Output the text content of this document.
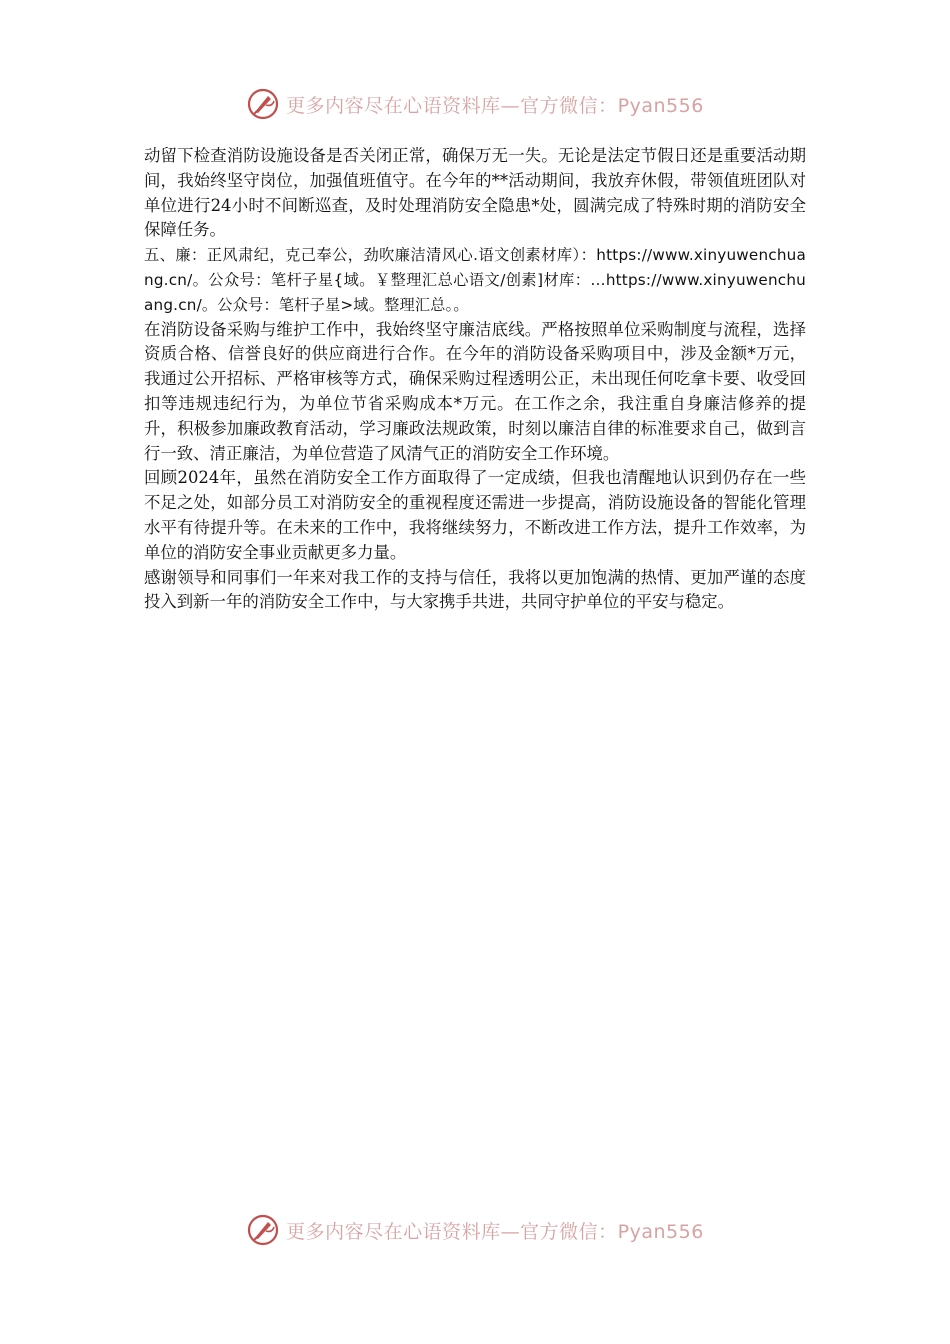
更多内容尽在心语资料库—官方微信：Pyan556

动留下检查消防设施设备是否关闭正常，确保万无一失。无论是法定节假日还是重要活动期间，我始终坚守岗位，加强值班值守。在今年的**活动期间，我放弃休假，带领值班团队对单位进行24小时不间断巡查，及时处理消防安全隐患*处，圆满完成了特殊时期的消防安全保障任务。

五、廉：正风肃纪，克己奉公，劲吹廉洁清风心.语文创素材库）：https://www.xinyuwenchuang.cn/。公众号：笔杆子星{域。￥整理汇总心语文/创素]材库：…https://www.xinyuwenchuang.cn/。公众号：笔杆子星>域。整理汇总。。

在消防设备采购与维护工作中，我始终坚守廉洁底线。严格按照单位采购制度与流程，选择资质合格、信誉良好的供应商进行合作。在今年的消防设备采购项目中，涉及金额*万元，我通过公开招标、严格审核等方式，确保采购过程透明公正，未出现任何吃拿卡要、收受回扣等违规违纪行为，为单位节省采购成本*万元。在工作之余，我注重自身廉洁修养的提升，积极参加廉政教育活动，学习廉政法规政策，时刻以廉洁自律的标准要求自己，做到言行一致、清正廉洁，为单位营造了风清气正的消防安全工作环境。

回顾2024年，虽然在消防安全工作方面取得了一定成绩，但我也清醒地认识到仍存在一些不足之处，如部分员工对消防安全的重视程度还需进一步提高，消防设施设备的智能化管理水平有待提升等。在未来的工作中，我将继续努力，不断改进工作方法，提升工作效率，为单位的消防安全事业贡献更多力量。

感谢领导和同事们一年来对我工作的支持与信任，我将以更加饱满的热情、更加严谨的态度投入到新一年的消防安全工作中，与大家携手共进，共同守护单位的平安与稳定。

更多内容尽在心语资料库—官方微信：Pyan556
